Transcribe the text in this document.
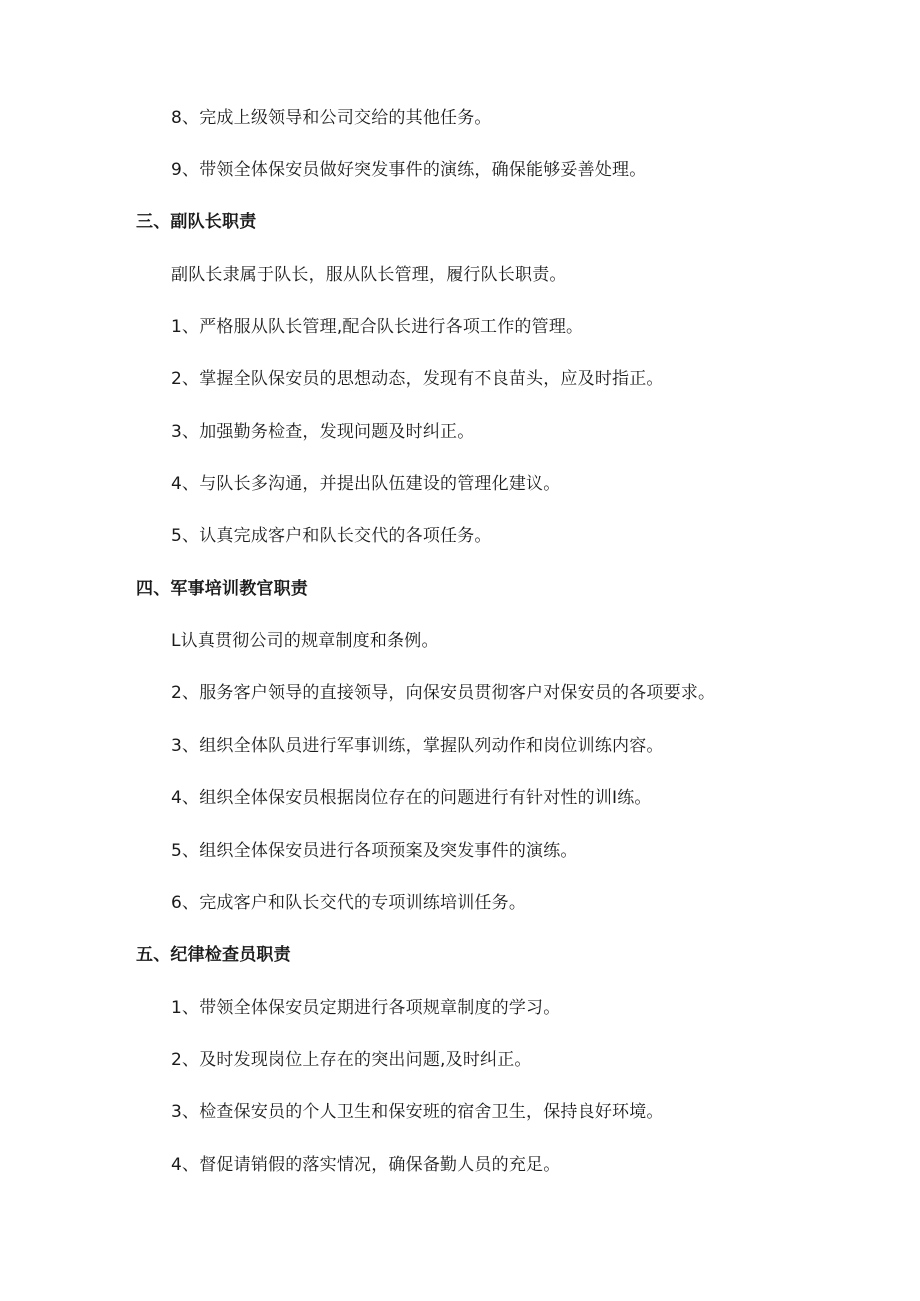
8、完成上级领导和公司交给的其他任务。
9、带领全体保安员做好突发事件的演练，确保能够妥善处理。
三、副队长职责
副队长隶属于队长，服从队长管理，履行队长职责。
1、严格服从队长管理,配合队长进行各项工作的管理。
2、掌握全队保安员的思想动态，发现有不良苗头，应及时指正。
3、加强勤务检查，发现问题及时纠正。
4、与队长多沟通，并提出队伍建设的管理化建议。
5、认真完成客户和队长交代的各项任务。
四、军事培训教官职责
L认真贯彻公司的规章制度和条例。
2、服务客户领导的直接领导，向保安员贯彻客户对保安员的各项要求。
3、组织全体队员进行军事训练，掌握队列动作和岗位训练内容。
4、组织全体保安员根据岗位存在的问题进行有针对性的训I练。
5、组织全体保安员进行各项预案及突发事件的演练。
6、完成客户和队长交代的专项训练培训任务。
五、纪律检查员职责
1、带领全体保安员定期进行各项规章制度的学习。
2、及时发现岗位上存在的突出问题,及时纠正。
3、检查保安员的个人卫生和保安班的宿舍卫生，保持良好环境。
4、督促请销假的落实情况，确保备勤人员的充足。
